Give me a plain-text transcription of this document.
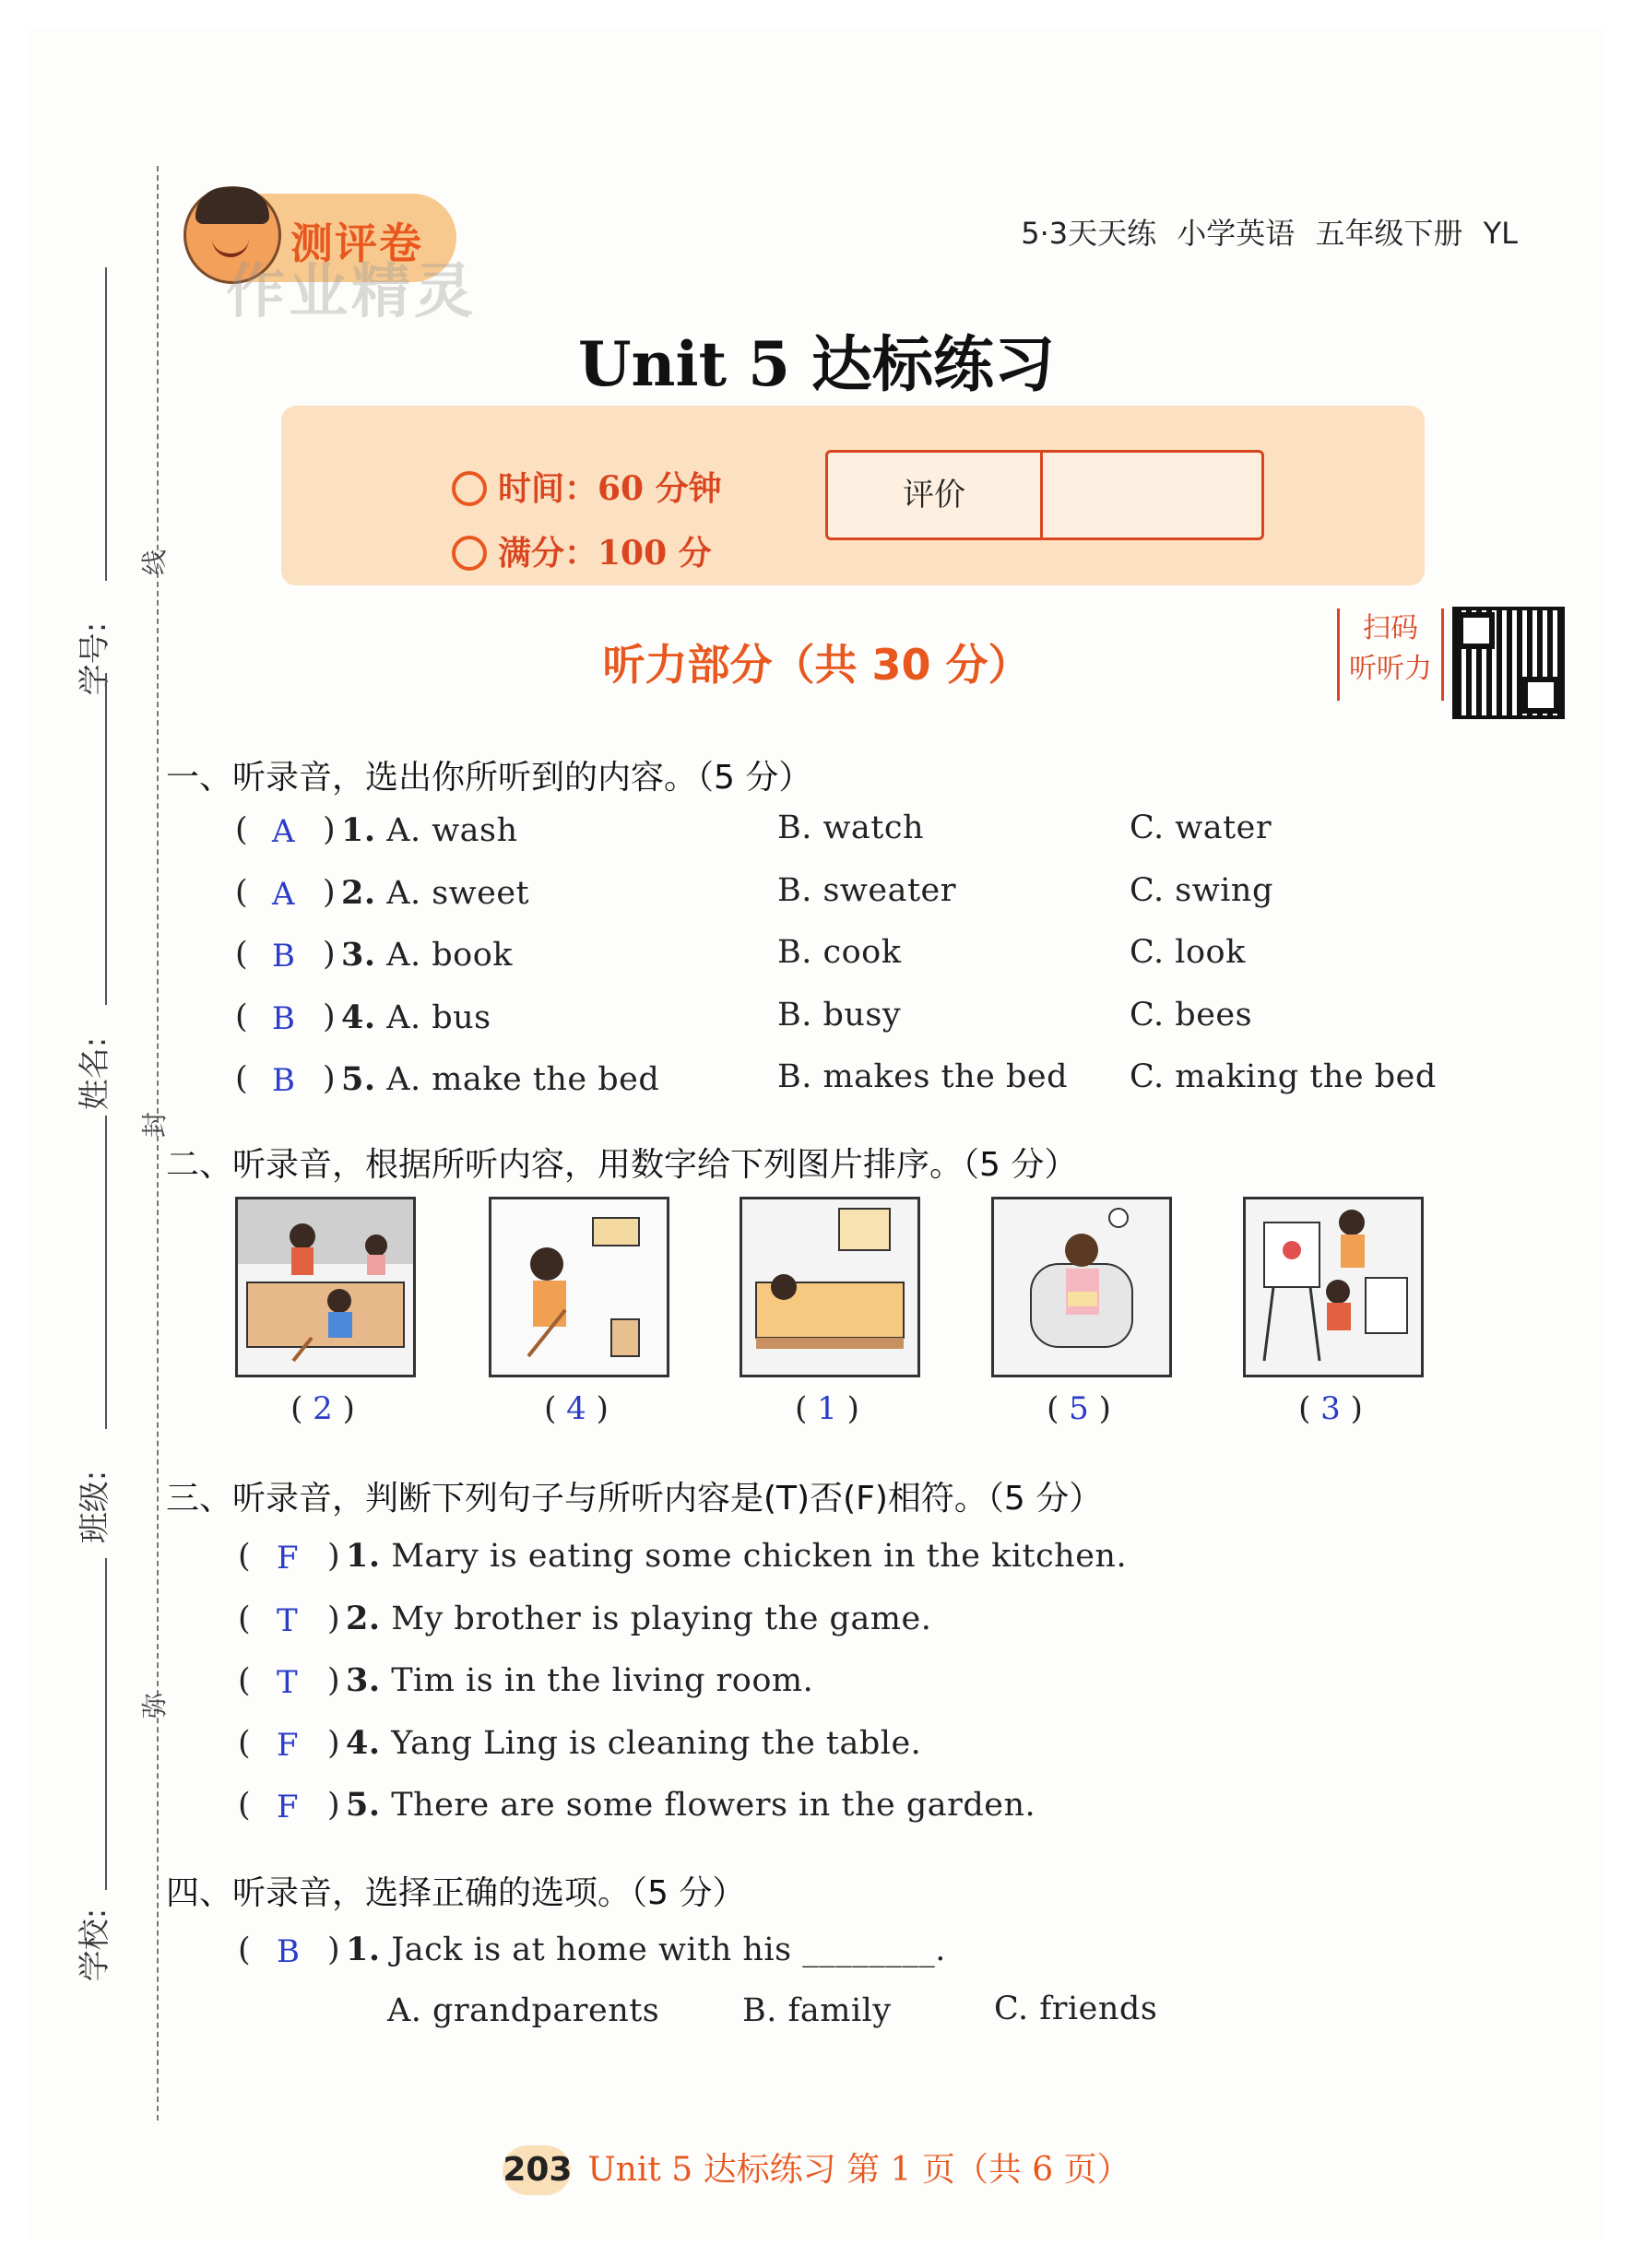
学号:
姓名:
班级:
学校:
线
封
弥
测评卷
作业精灵
5·3天天练 小学英语 五年级下册 YL
Unit 5 达标练习
时间：60 分钟
满分：100 分
评价
听力部分（共 30 分）
扫码
听听力
一、听录音，选出你所听到的内容。（5 分）
( A ) 1. A. wash	B. watch	C. water
( A ) 2. A. sweet	B. sweater	C. swing
( B ) 3. A. book	B. cook	C. look
( B ) 4. A. bus	B. busy	C. bees
( B ) 5. A. make the bed	B. makes the bed C. making the bed
二、听录音，根据所听内容，用数字给下列图片排序。（5 分）
( 2 )	( 4 )	( 1 )	( 5 )	( 3 )
三、听录音，判断下列句子与所听内容是(T)否(F)相符。（5 分）
( F ) 1. Mary is eating some chicken in the kitchen.
( T ) 2. My brother is playing the game.
( T ) 3. Tim is in the living room.
( F ) 4. Yang Ling is cleaning the table.
( F ) 5. There are some flowers in the garden.
四、听录音，选择正确的选项。（5 分）
( B ) 1. Jack is at home with his ________.
A. grandparents	B. family	C. friends
203 Unit 5 达标练习 第 1 页（共 6 页）
